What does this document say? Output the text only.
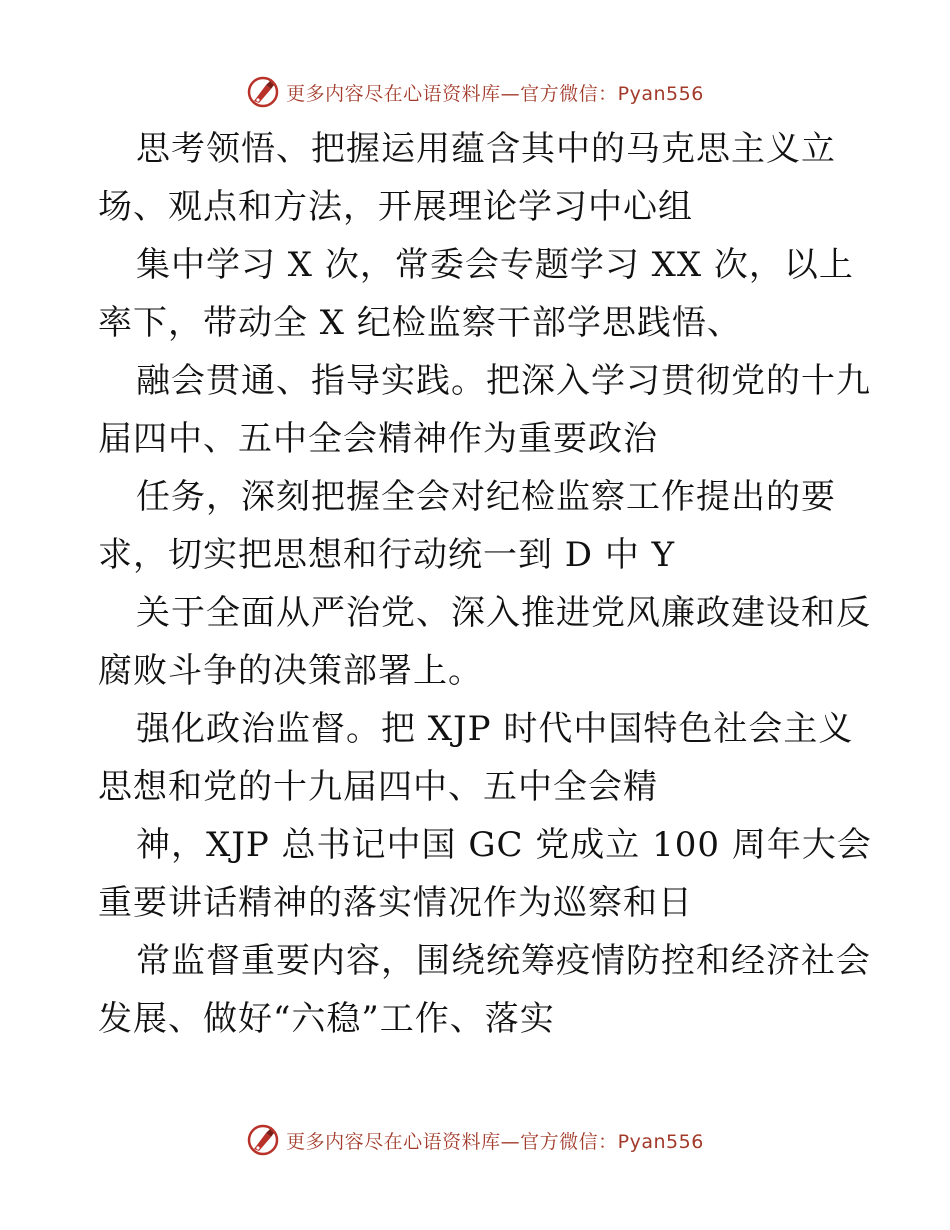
更多内容尽在心语资料库—官方微信：Pyan556
思考领悟、把握运用蕴含其中的马克思主义立
场、观点和方法，开展理论学习中心组
集中学习 X 次，常委会专题学习 XX 次，以上
率下，带动全 X 纪检监察干部学思践悟、
融会贯通、指导实践。把深入学习贯彻党的十九
届四中、五中全会精神作为重要政治
任务，深刻把握全会对纪检监察工作提出的要
求，切实把思想和行动统一到 D 中 Y
关于全面从严治党、深入推进党风廉政建设和反
腐败斗争的决策部署上。
强化政治监督。把 XJP 时代中国特色社会主义
思想和党的十九届四中、五中全会精
神，XJP 总书记中国 GC 党成立 100 周年大会
重要讲话精神的落实情况作为巡察和日
常监督重要内容，围绕统筹疫情防控和经济社会
发展、做好“六稳”工作、落实
更多内容尽在心语资料库—官方微信：Pyan556
